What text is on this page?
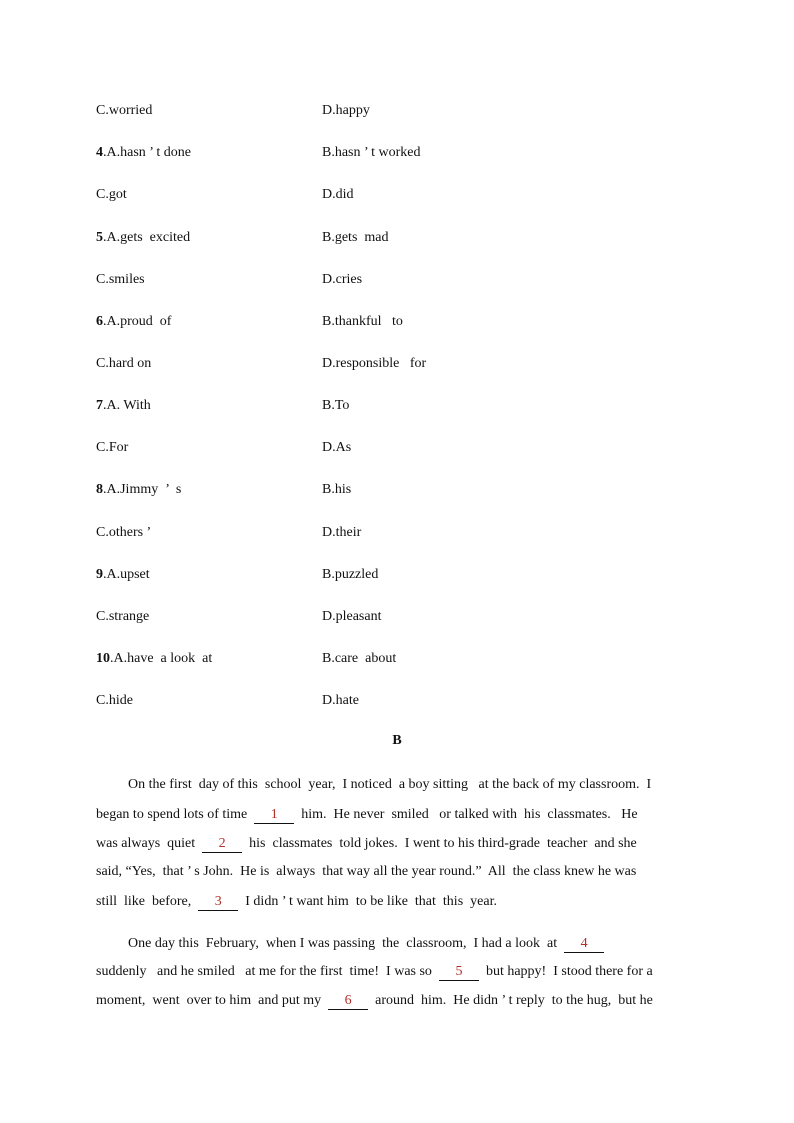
C.worried	D.happy
4.A.hasn ’ t done	B.hasn ’ t worked
C.got	D.did
5.A.gets  excited	B.gets  mad
C.smiles	D.cries
6.A.proud  of	B.thankful   to
C.hard on	D.responsible   for
7.A. With	B.To
C.For	D.As
8.A.Jimmy  ’  s	B.his
C.others ’	D.their
9.A.upset	B.puzzled
C.strange	D.pleasant
10.A.have  a look  at	B.care  about
C.hide	D.hate
B
On the first  day of this  school  year,  I noticed  a boy sitting   at the back of my classroom.  I
began to spend lots of time  1  him.  He never  smiled   or talked with  his  classmates.   He
was always  quiet  2  his  classmates  told jokes.  I went to his third-grade  teacher  and she
said, “Yes,  that ’ s John.  He is  always  that way all the year round.”  All  the class knew he was
still  like  before,  3  I didn ’ t want him  to be like  that  this  year.
One day this  February,  when I was passing  the  classroom,  I had a look  at  4
suddenly   and he smiled   at me for the first  time!  I was so  5  but happy!  I stood there for a
moment,  went  over to him  and put my  6  around  him.  He didn ’ t reply  to the hug,  but he
